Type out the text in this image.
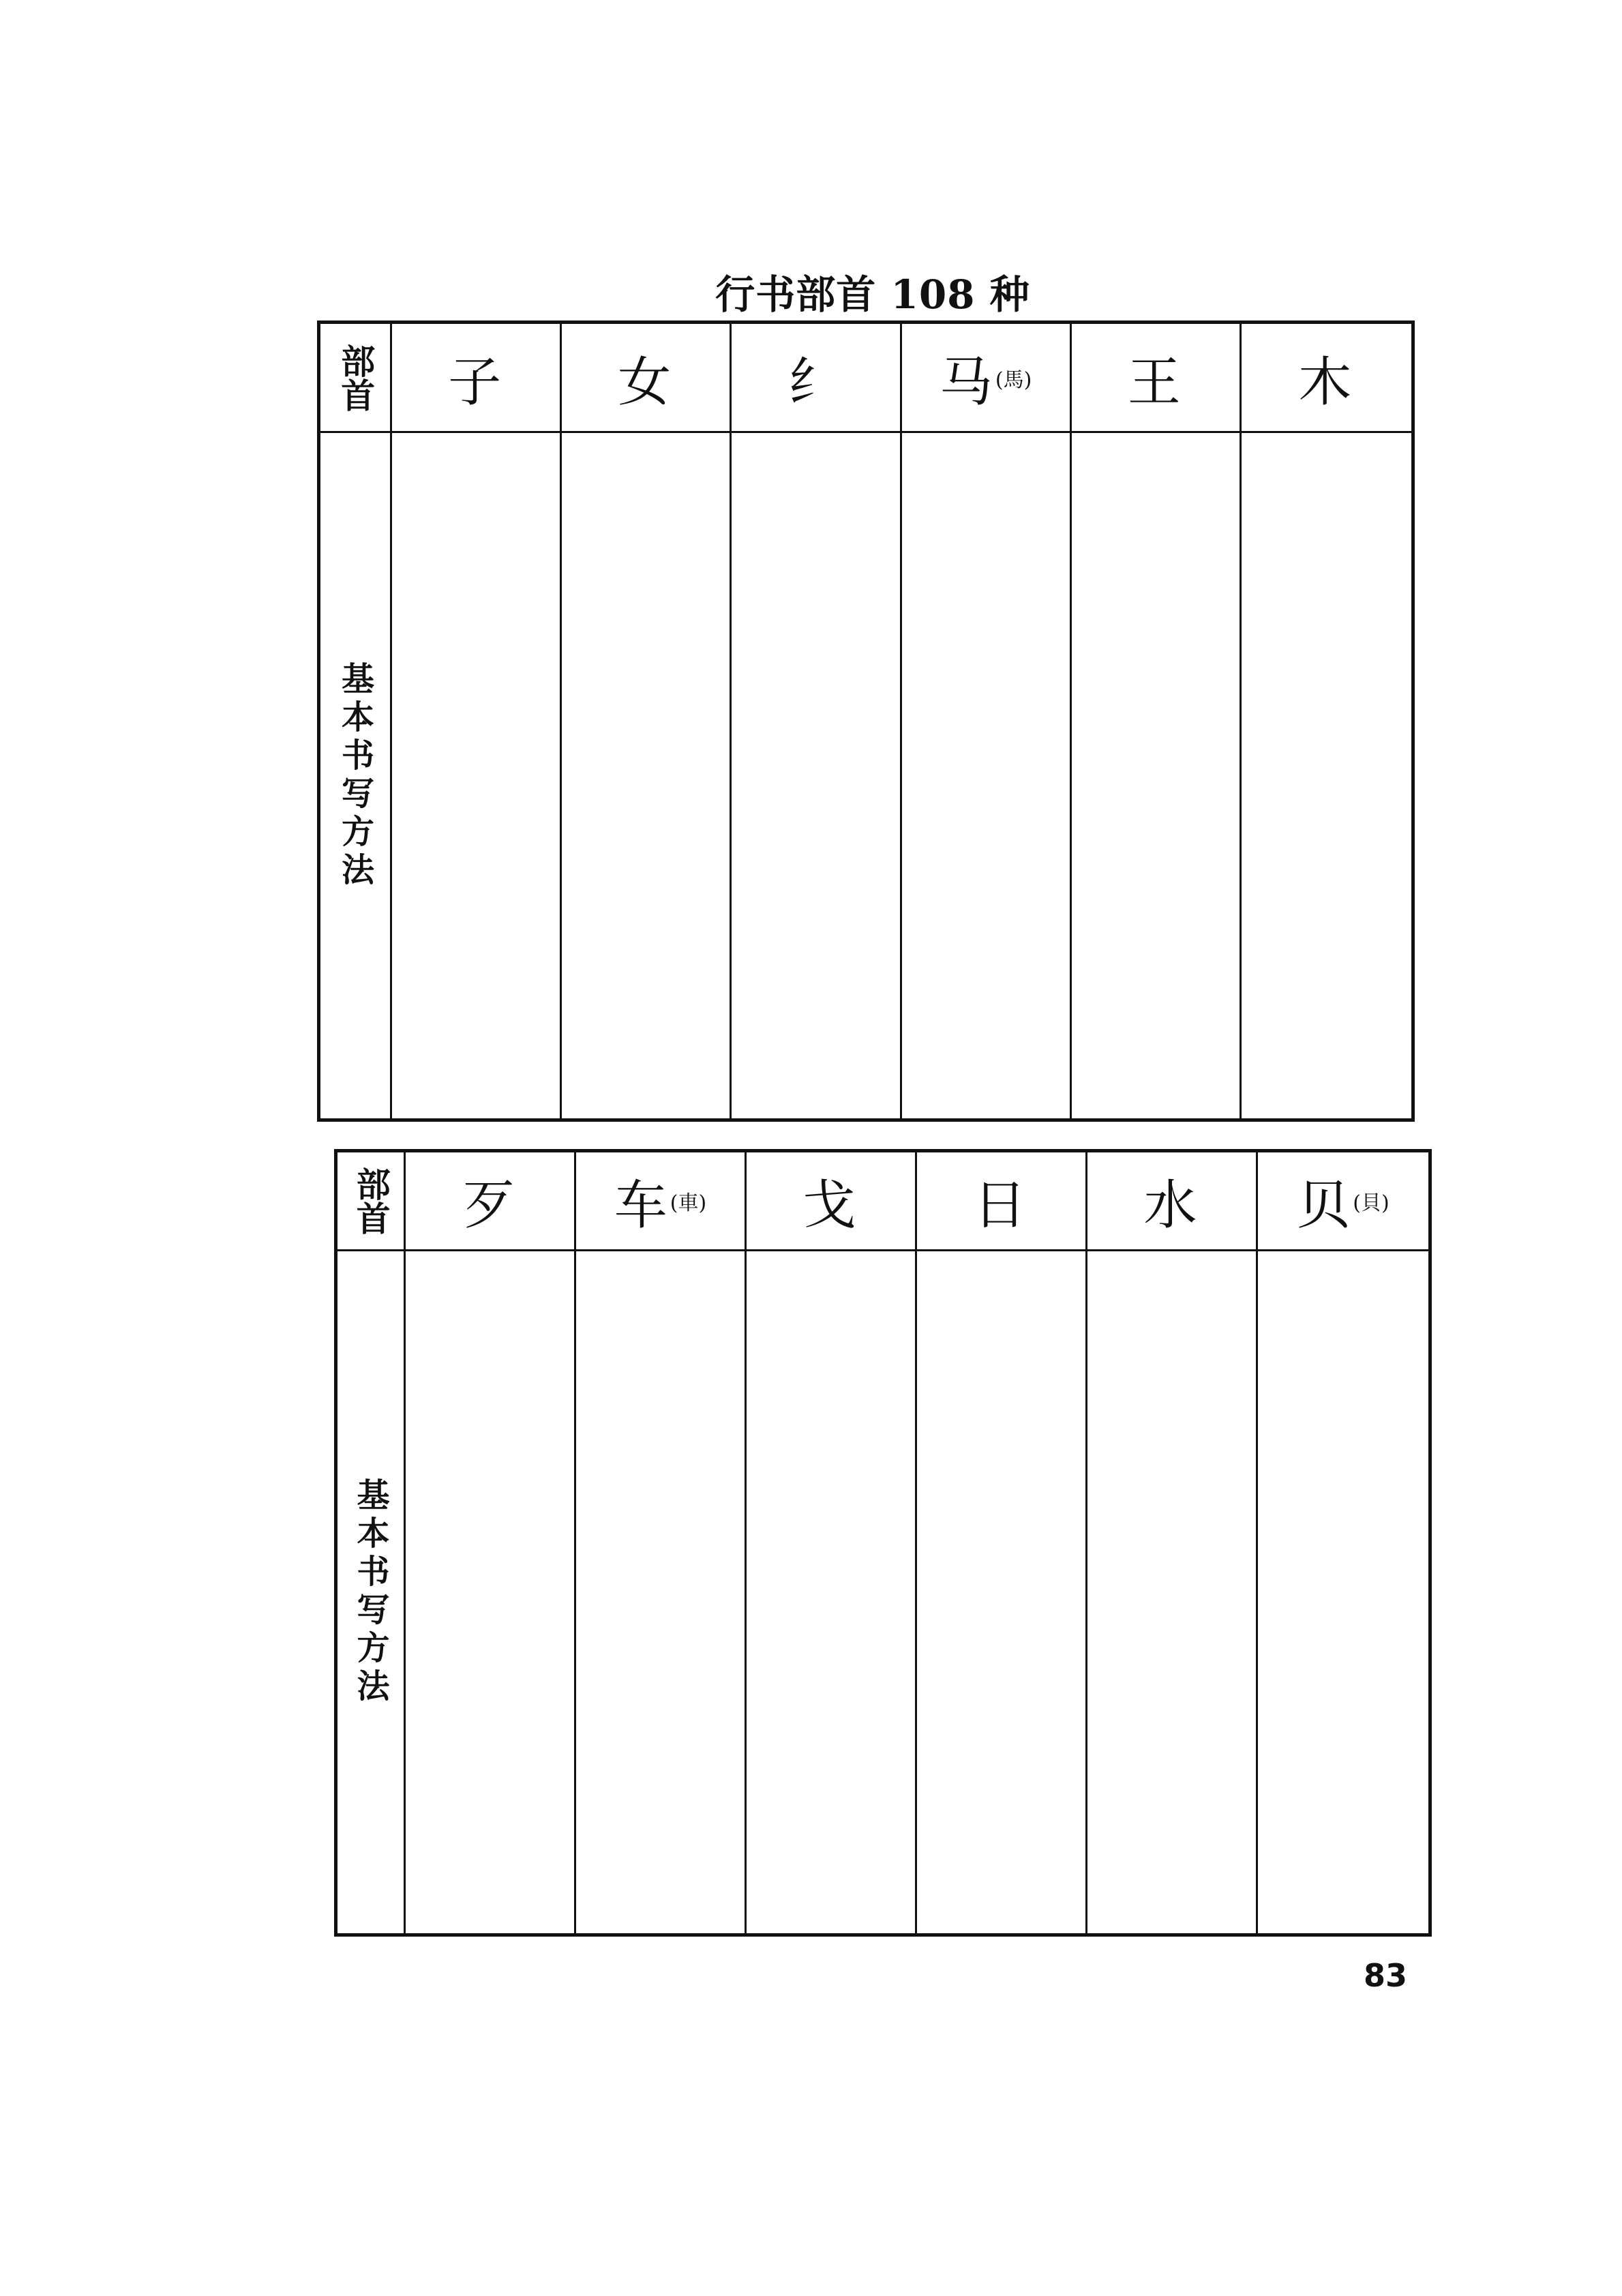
行书部首 108 种
部首	子 女 纟 马 (馬) 王 木
基本书写方法
部首 歹 车 (車) 戈 日 水 贝 (貝)
基本书写方法
83
